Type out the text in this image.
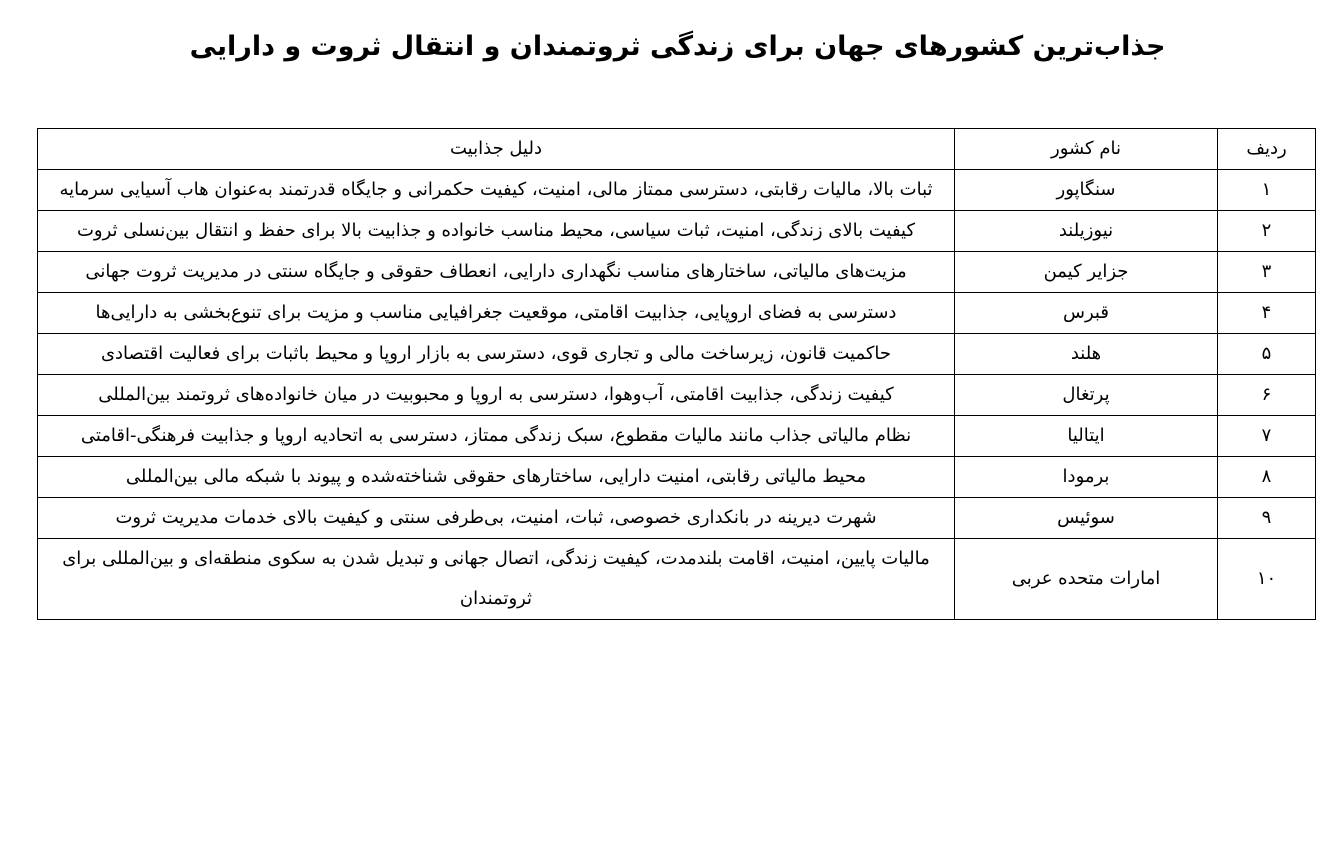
جذاب‌ترین کشورهای جهان برای زندگی ثروتمندان و انتقال ثروت و دارایی
ردیف	نام کشور	دلیل جذابیت
۱	سنگاپور	ثبات بالا، مالیات رقابتی، دسترسی ممتاز مالی، امنیت، کیفیت حکمرانی و جایگاه قدرتمند به‌عنوان هاب آسیایی سرمایه
۲	نیوزیلند	کیفیت بالای زندگی، امنیت، ثبات سیاسی، محیط مناسب خانواده و جذابیت بالا برای حفظ و انتقال بین‌نسلی ثروت
۳	جزایر کیمن	مزیت‌های مالیاتی، ساختارهای مناسب نگهداری دارایی، انعطاف حقوقی و جایگاه سنتی در مدیریت ثروت جهانی
۴	قبرس	دسترسی به فضای اروپایی، جذابیت اقامتی، موقعیت جغرافیایی مناسب و مزیت برای تنوع‌بخشی به دارایی‌ها
۵	هلند	حاکمیت قانون، زیرساخت مالی و تجاری قوی، دسترسی به بازار اروپا و محیط باثبات برای فعالیت اقتصادی
۶	پرتغال	کیفیت زندگی، جذابیت اقامتی، آب‌وهوا، دسترسی به اروپا و محبوبیت در میان خانواده‌های ثروتمند بین‌المللی
۷	ایتالیا	نظام مالیاتی جذاب مانند مالیات مقطوع، سبک زندگی ممتاز، دسترسی به اتحادیه اروپا و جذابیت فرهنگی-اقامتی
۸	برمودا	محیط مالیاتی رقابتی، امنیت دارایی، ساختارهای حقوقی شناخته‌شده و پیوند با شبکه مالی بین‌المللی
۹	سوئیس	شهرت دیرینه در بانکداری خصوصی، ثبات، امنیت، بی‌طرفی سنتی و کیفیت بالای خدمات مدیریت ثروت
۱۰	امارات متحده عربی	مالیات پایین، امنیت، اقامت بلندمدت، کیفیت زندگی، اتصال جهانی و تبدیل شدن به سکوی منطقه‌ای و بین‌المللی برای ثروتمندان
